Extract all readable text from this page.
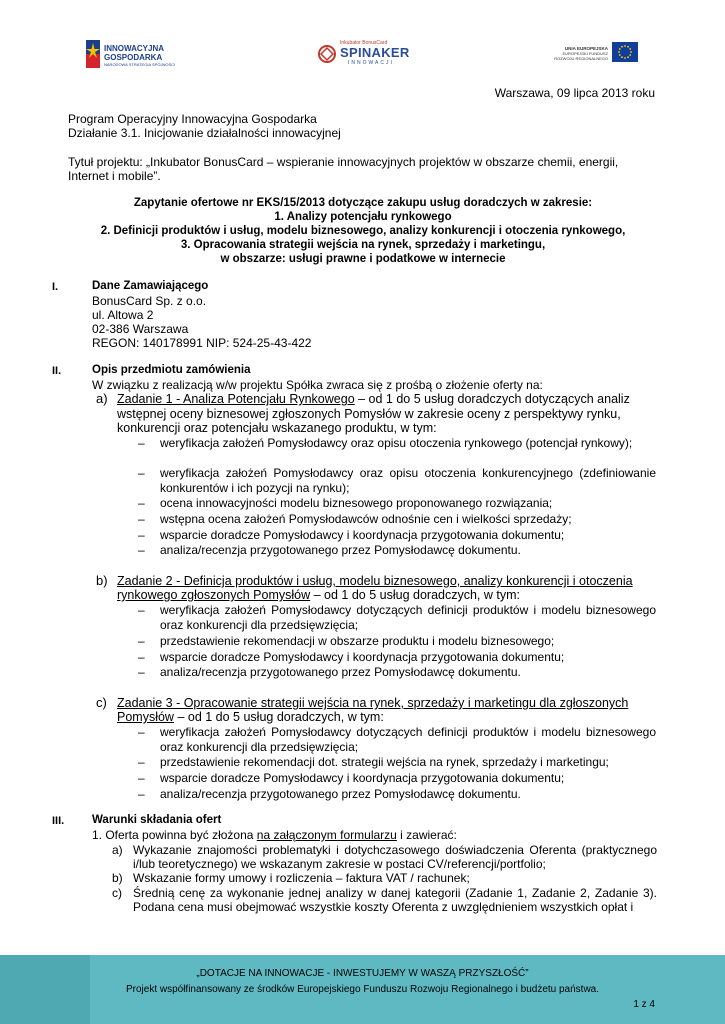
INNOWACYJNA
GOSPODARKA
NARODOWA STRATEGIA SPÓJNOŚCI
Inkubator BonusCard
SPINAKER
INNOWACJI
UNIA EUROPEJSKA
EUROPEJSKI FUNDUSZ
ROZWOJU REGIONALNEGO
Warszawa, 09 lipca 2013 roku
Program Operacyjny Innowacyjna Gospodarka
Działanie 3.1. Inicjowanie działalności innowacyjnej
Tytuł projektu: „Inkubator BonusCard – wspieranie innowacyjnych projektów w obszarze chemii, energii,
Internet i mobile”.
Zapytanie ofertowe nr EKS/15/2013 dotyczące zakupu usług doradczych w zakresie:
1. Analizy potencjału rynkowego
2. Definicji produktów i usług, modelu biznesowego, analizy konkurencji i otoczenia rynkowego,
3. Opracowania strategii wejścia na rynek, sprzedaży i marketingu,
w obszarze: usługi prawne i podatkowe w internecie
I.	Dane Zamawiającego
BonusCard Sp. z o.o.
ul. Altowa 2
02-386 Warszawa
REGON: 140178991 NIP: 524-25-43-422
II.	Opis przedmiotu zamówienia
W związku z realizacją w/w projektu Spółka zwraca się z prośbą o złożenie oferty na:
a) Zadanie 1 - Analiza Potencjału Rynkowego – od 1 do 5 usług doradczych dotyczących analiz
wstępnej oceny biznesowej zgłoszonych Pomysłów w zakresie oceny z perspektywy rynku,
konkurencji oraz potencjału wskazanego produktu, w tym:
– weryfikacja założeń Pomysłodawcy oraz opisu otoczenia rynkowego (potencjał rynkowy);
– weryfikacja założeń Pomysłodawcy oraz opisu otoczenia konkurencyjnego (zdefiniowanie konkurentów i ich pozycji na rynku);
– ocena innowacyjności modelu biznesowego proponowanego rozwiązania;
– wstępna ocena założeń Pomysłodawców odnośnie cen i wielkości sprzedaży;
– wsparcie doradcze Pomysłodawcy i koordynacja przygotowania dokumentu;
– analiza/recenzja przygotowanego przez Pomysłodawcę dokumentu.
b) Zadanie 2 - Definicja produktów i usług, modelu biznesowego, analizy konkurencji i otoczenia
rynkowego zgłoszonych Pomysłów – od 1 do 5 usług doradczych, w tym:
– weryfikacja założeń Pomysłodawcy dotyczących definicji produktów i modelu biznesowego oraz konkurencji dla przedsięwzięcia;
– przedstawienie rekomendacji w obszarze produktu i modelu biznesowego;
– wsparcie doradcze Pomysłodawcy i koordynacja przygotowania dokumentu;
– analiza/recenzja przygotowanego przez Pomysłodawcę dokumentu.
c) Zadanie 3 - Opracowanie strategii wejścia na rynek, sprzedaży i marketingu dla zgłoszonych
Pomysłów – od 1 do 5 usług doradczych, w tym:
– weryfikacja założeń Pomysłodawcy dotyczących definicji produktów i modelu biznesowego oraz konkurencji dla przedsięwzięcia;
– przedstawienie rekomendacji dot. strategii wejścia na rynek, sprzedaży i marketingu;
– wsparcie doradcze Pomysłodawcy i koordynacja przygotowania dokumentu;
– analiza/recenzja przygotowanego przez Pomysłodawcę dokumentu.
III. Warunki składania ofert
1. Oferta powinna być złożona na załączonym formularzu i zawierać:
a) Wykazanie znajomości problematyki i dotychczasowego doświadczenia Oferenta (praktycznego i/lub teoretycznego) we wskazanym zakresie w postaci CV/referencji/portfolio;
b) Wskazanie formy umowy i rozliczenia – faktura VAT / rachunek;
c) Średnią cenę za wykonanie jednej analizy w danej kategorii (Zadanie 1, Zadanie 2, Zadanie 3). Podana cena musi obejmować wszystkie koszty Oferenta z uwzględnieniem wszystkich opłat i
„DOTACJE NA INNOWACJE - INWESTUJEMY W WASZĄ PRZYSZŁOŚĆ”
Projekt współfinansowany ze środków Europejskiego Funduszu Rozwoju Regionalnego i budżetu państwa.
1 z 4
